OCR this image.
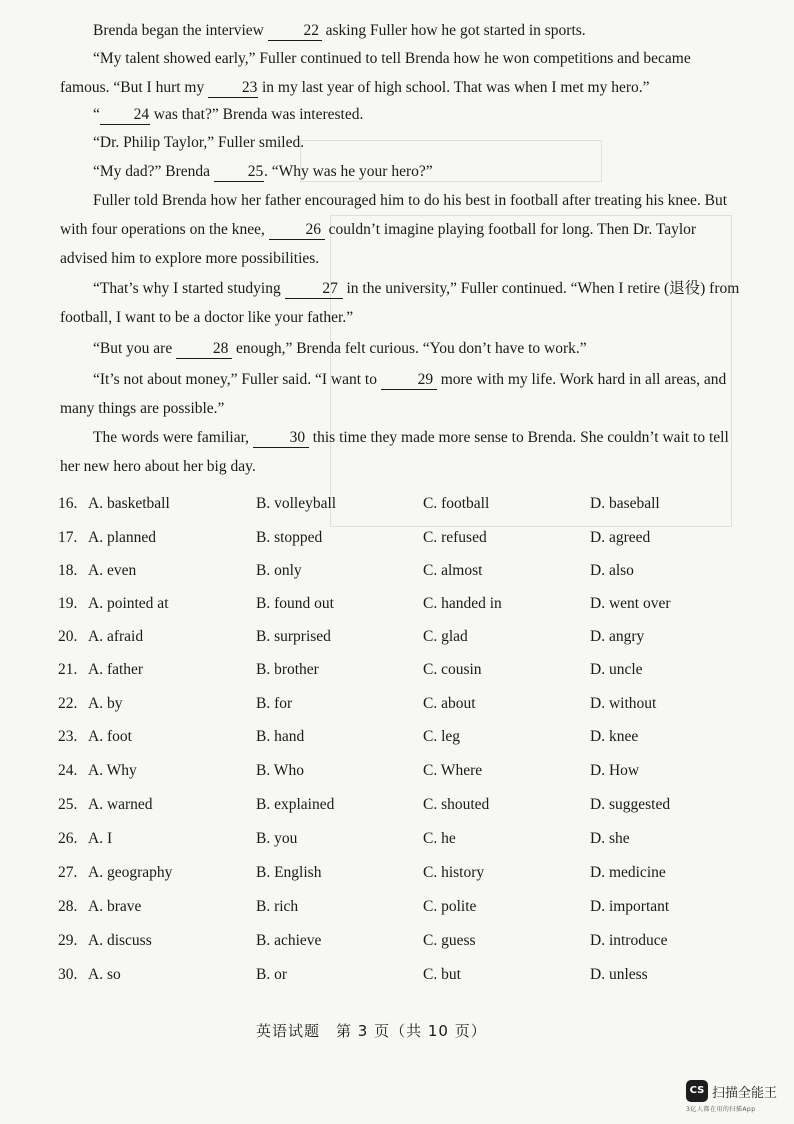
Brenda began the interview	22 asking Fuller how he got started in sports.

“My talent showed early,” Fuller continued to tell Brenda how he won competitions and became famous. “But I hurt my 23 in my last year of high school. That was when I met my hero.”

“ 24 was that?” Brenda was interested.

“Dr. Philip Taylor,” Fuller smiled.

“My dad?” Brenda 25. “Why was he your hero?”

Fuller told Brenda how her father encouraged him to do his best in football after treating his knee. But with four operations on the knee,	26 couldn’t imagine playing football for long. Then Dr. Taylor advised him to explore more possibilities.

“That’s why I started studying	27 in the university,” Fuller continued. “When I retire (退役) from football, I want to be a doctor like your father.”

“But you are	28 enough,” Brenda felt curious. “You don’t have to work.”

“It’s not about money,” Fuller said. “I want to	29 more with my life. Work hard in all areas, and many things are possible.”

The words were familiar,	30 this time they made more sense to Brenda. She couldn’t wait to tell her new hero about her big day.

16. A. basketball	B. volleyball	C. football	D. baseball
17. A. planned	B. stopped	C. refused	D. agreed
18. A. even	B. only	C. almost	D. also
19. A. pointed at	B. found out	C. handed in	D. went over
20. A. afraid	B. surprised	C. glad	D. angry
21. A. father	B. brother	C. cousin	D. uncle
22. A. by	B. for	C. about	D. without
23. A. foot	B. hand	C. leg	D. knee
24. A. Why	B. Who	C. Where	D. How
25. A. warned	B. explained	C. shouted	D. suggested
26. A. I	B. you	C. he	D. she
27. A. geography	B. English	C. history	D. medicine
28. A. brave	B. rich	C. polite	D. important
29. A. discuss	B. achieve	C. guess	D. introduce
30. A. so	B. or	C. but	D. unless
英语试题　第 3 页（共 10 页）
CS 扫描全能王
3亿人都在用的扫描App
